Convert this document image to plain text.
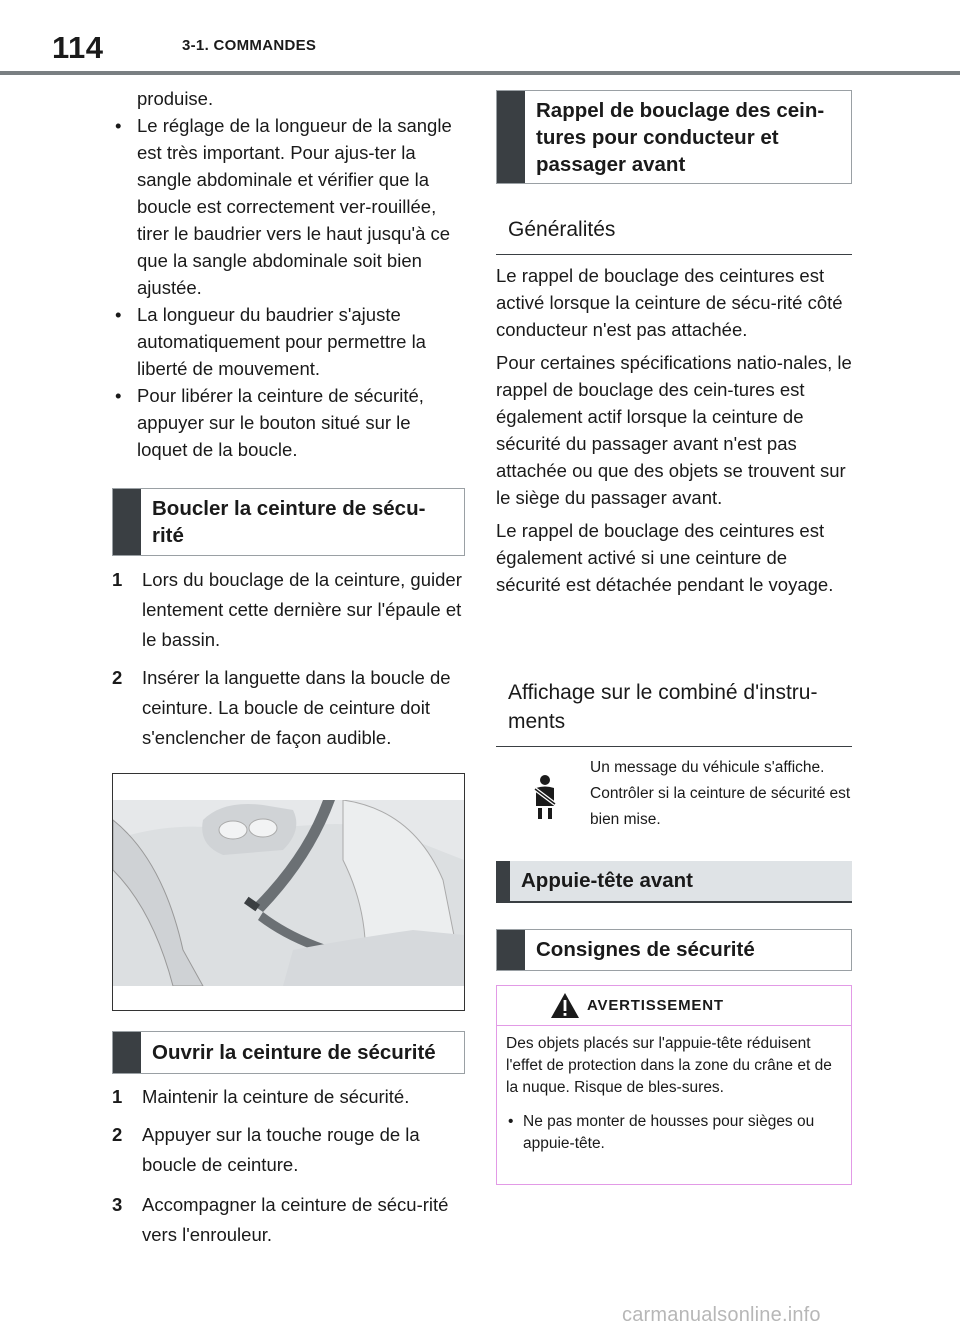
114	3-1. COMMANDES
produise.
• Le réglage de la longueur de la sangle est très important. Pour ajus-ter la sangle abdominale et vérifier que la boucle est correctement ver-rouillée, tirer le baudrier vers le haut jusqu'à ce que la sangle abdominale soit bien ajustée.
• La longueur du baudrier s'ajuste automatiquement pour permettre la liberté de mouvement.
• Pour libérer la ceinture de sécurité, appuyer sur le bouton situé sur le loquet de la boucle.
Boucler la ceinture de sécu-rité
1	Lors du bouclage de la ceinture, guider lentement cette dernière sur l'épaule et le bassin.
2	Insérer la languette dans la boucle de ceinture. La boucle de ceinture doit s'enclencher de façon audible.
Ouvrir la ceinture de sécurité
1	Maintenir la ceinture de sécurité.
2	Appuyer sur la touche rouge de la boucle de ceinture.
3	Accompagner la ceinture de sécu-rité vers l'enrouleur.
Rappel de bouclage des cein-tures pour conducteur et passager avant
Généralités
Le rappel de bouclage des ceintures est activé lorsque la ceinture de sécu-rité côté conducteur n'est pas attachée.
Pour certaines spécifications natio-nales, le rappel de bouclage des cein-tures est également actif lorsque la ceinture de sécurité du passager avant n'est pas attachée ou que des objets se trouvent sur le siège du passager avant.
Le rappel de bouclage des ceintures est également activé si une ceinture de sécurité est détachée pendant le voyage.
Affichage sur le combiné d'instru-ments
Un message du véhicule s'affiche. Contrôler si la ceinture de sécurité est bien mise.
Appuie-tête avant
Consignes de sécurité
AVERTISSEMENT
Des objets placés sur l'appuie-tête réduisent l'effet de protection dans la zone du crâne et de la nuque. Risque de bles-sures.
• Ne pas monter de housses pour sièges ou appuie-tête.
carmanualsonline.info
